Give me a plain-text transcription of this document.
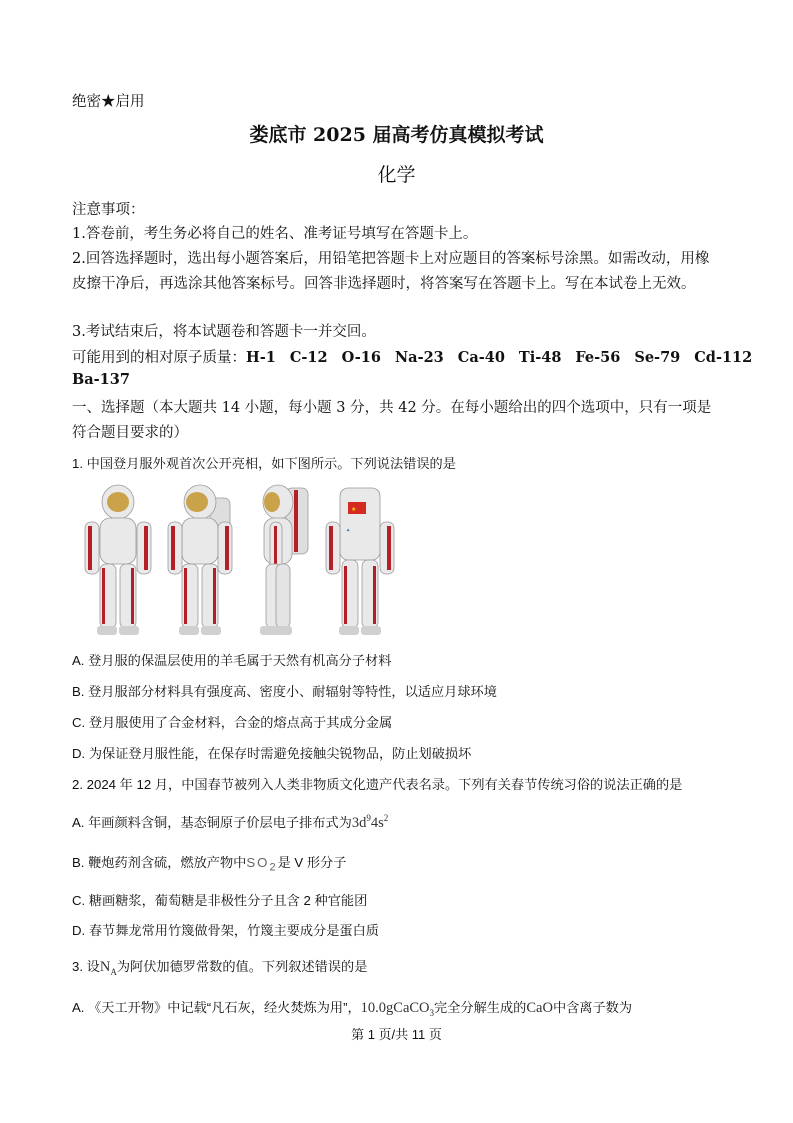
绝密★启用
娄底市 2025 届高考仿真模拟考试
化学
注意事项：
1.答卷前，考生务必将自己的姓名、准考证号填写在答题卡上。
2.回答选择题时，选出每小题答案后，用铅笔把答题卡上对应题目的答案标号涂黑。如需改动，用橡皮擦干净后，再选涂其他答案标号。回答非选择题时，将答案写在答题卡上。写在本试卷上无效。
3.考试结束后，将本试题卷和答题卡一并交回。
可能用到的相对原子质量：H-1 C-12 O-16 Na-23 Ca-40 Ti-48 Fe-56 Se-79 Cd-112
Ba-137
一、选择题（本大题共 14 小题，每小题 3 分，共 42 分。在每小题给出的四个选项中，只有一项是符合题目要求的）
1. 中国登月服外观首次公开亮相，如下图所示。下列说法错误的是
★
✦
A. 登月服的保温层使用的羊毛属于天然有机高分子材料
B. 登月服部分材料具有强度高、密度小、耐辐射等特性，以适应月球环境
C. 登月服使用了合金材料，合金的熔点高于其成分金属
D. 为保证登月服性能，在保存时需避免接触尖锐物品，防止划破损坏
2. 2024 年 12 月，中国春节被列入人类非物质文化遗产代表名录。下列有关春节传统习俗的说法正确的是
A. 年画颜料含铜，基态铜原子价层电子排布式为$3d^94s^2$
B. 鞭炮药剂含硫，燃放产物中$SO_2$是 V 形分子
C. 糖画糖浆，葡萄糖是非极性分子且含 2 种官能团
D. 春节舞龙常用竹篾做骨架，竹篾主要成分是蛋白质
3. 设$N_A$为阿伏加德罗常数的值。下列叙述错误的是
A. 《天工开物》中记载“凡石灰，经火焚炼为用”，10.0gCaCO$_3$完全分解生成的CaO中含离子数为
第 1 页/共 11 页
